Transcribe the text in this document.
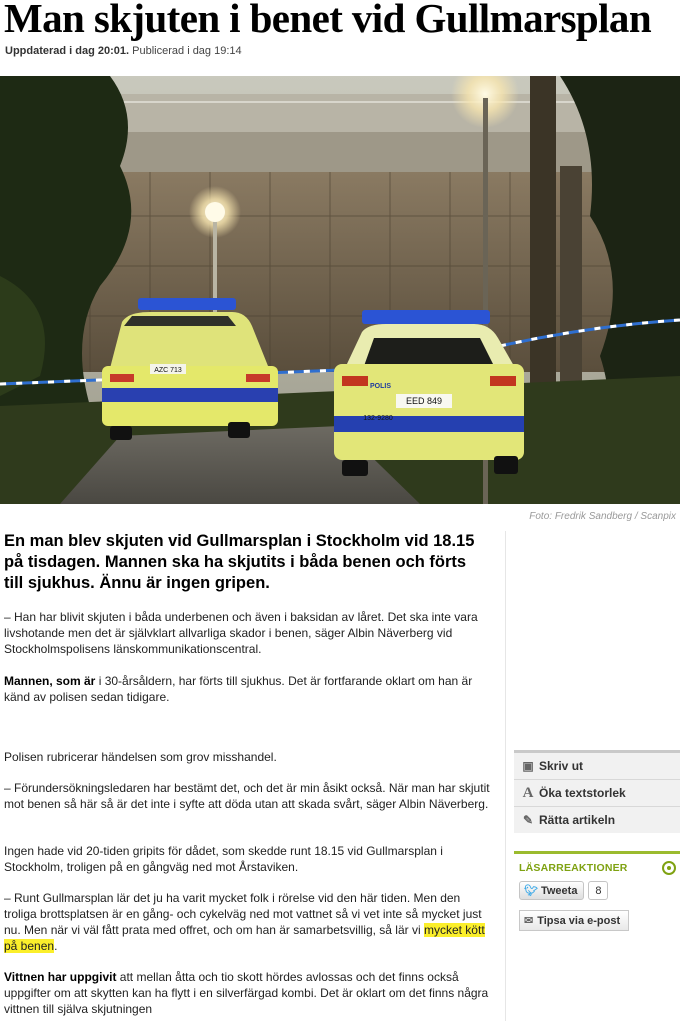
Man skjuten i benet vid Gullmarsplan
Uppdaterad i dag 20:01. Publicerad i dag 19:14
AZC 713
POLIS
EED 849
132-9280
Foto: Fredrik Sandberg / Scanpix

En man blev skjuten vid Gullmarsplan i Stockholm vid 18.15 på tisdagen. Mannen ska ha skjutits i båda benen och förts till sjukhus. Ännu är ingen gripen.

– Han har blivit skjuten i båda underbenen och även i baksidan av låret. Det ska inte vara livshotande men det är självklart allvarliga skador i benen, säger Albin Näverberg vid Stockholmspolisens länskommunikationscentral.

Mannen, som är i 30-årsåldern, har förts till sjukhus. Det är fortfarande oklart om han är känd av polisen sedan tidigare.

Polisen rubricerar händelsen som grov misshandel.

– Förundersökningsledaren har bestämt det, och det är min åsikt också. När man har skjutit mot benen så här så är det inte i syfte att döda utan att skada svårt, säger Albin Näverberg.

Ingen hade vid 20-tiden gripits för dådet, som skedde runt 18.15 vid Gullmarsplan i Stockholm, troligen på en gångväg ned mot Årstaviken.

– Runt Gullmarsplan lär det ju ha varit mycket folk i rörelse vid den här tiden. Men den troliga brottsplatsen är en gång- och cykelväg ned mot vattnet så vi vet inte så mycket just nu. Men när vi väl fått prata med offret, och om han är samarbetsvillig, så lär vi mycket kött på benen.

Vittnen har uppgivit att mellan åtta och tio skott hördes avlossas och det finns också uppgifter om att skytten kan ha flytt i en silverfärgad kombi. Det är oklart om det finns några vittnen till själva skjutningen

▣ Skriv ut
A Öka textstorlek
✎ Rätta artikeln
LÄSARREAKTIONER
🐦︎ Tweeta	8
✉ Tipsa via e-post
